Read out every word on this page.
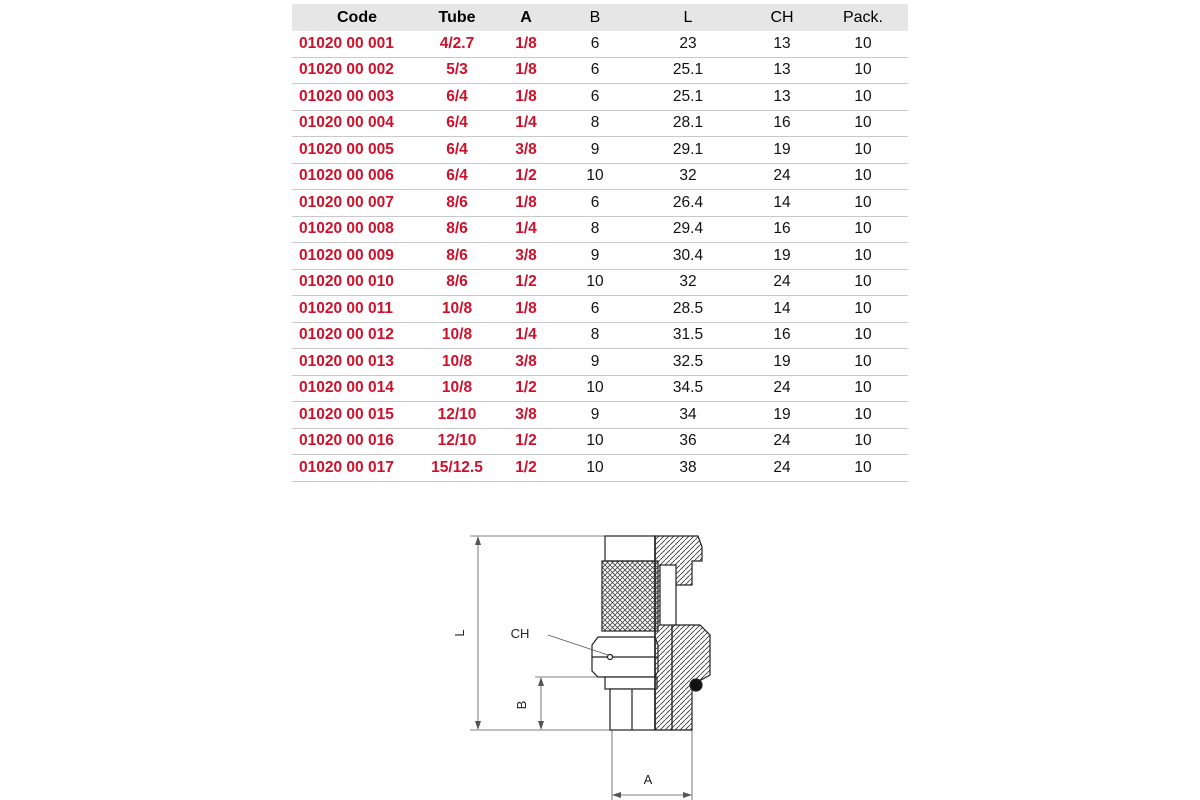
Code	Tube	A	B	L	CH	Pack.
01020 00 001	4/2.7	1/8	6	23	13	10
01020 00 002	5/3	1/8	6	25.1	13	10
01020 00 003	6/4	1/8	6	25.1	13	10
01020 00 004	6/4	1/4	8	28.1	16	10
01020 00 005	6/4	3/8	9	29.1	19	10
01020 00 006	6/4	1/2	10	32	24	10
01020 00 007	8/6	1/8	6	26.4	14	10
01020 00 008	8/6	1/4	8	29.4	16	10
01020 00 009	8/6	3/8	9	30.4	19	10
01020 00 010	8/6	1/2	10	32	24	10
01020 00 011	10/8	1/8	6	28.5	14	10
01020 00 012	10/8	1/4	8	31.5	16	10
01020 00 013	10/8	3/8	9	32.5	19	10
01020 00 014	10/8	1/2	10	34.5	24	10
01020 00 015	12/10	3/8	9	34	19	10
01020 00 016	12/10	1/2	10	36	24	10
01020 00 017	15/12.5	1/2	10	38	24	10
L	CH
B
A
